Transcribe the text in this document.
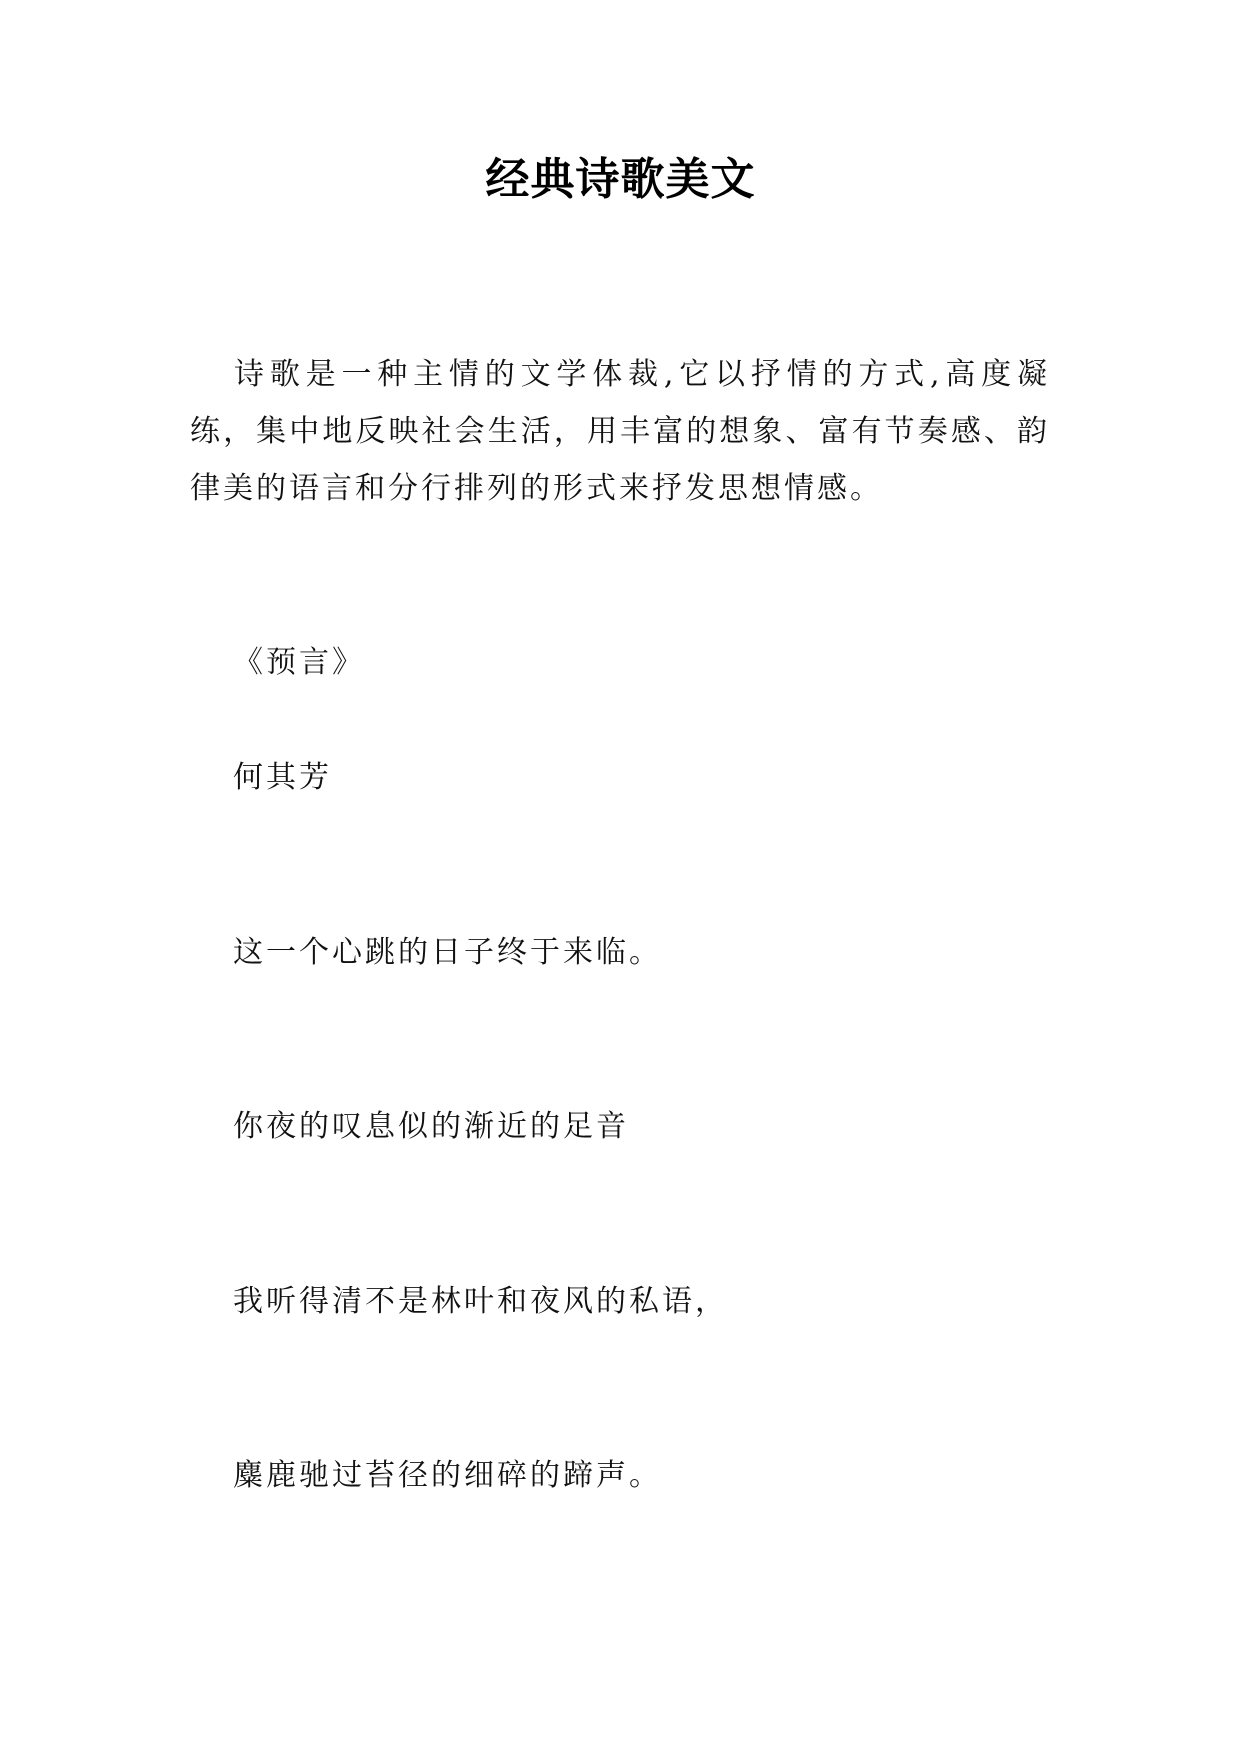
经典诗歌美文

诗歌是一种主情的文学体裁,它以抒情的方式,高度凝练，集中地反映社会生活，用丰富的想象、富有节奏感、韵律美的语言和分行排列的形式来抒发思想情感。

《预言》

何其芳

这一个心跳的日子终于来临。

你夜的叹息似的渐近的足音

我听得清不是林叶和夜风的私语，

麋鹿驰过苔径的细碎的蹄声。
